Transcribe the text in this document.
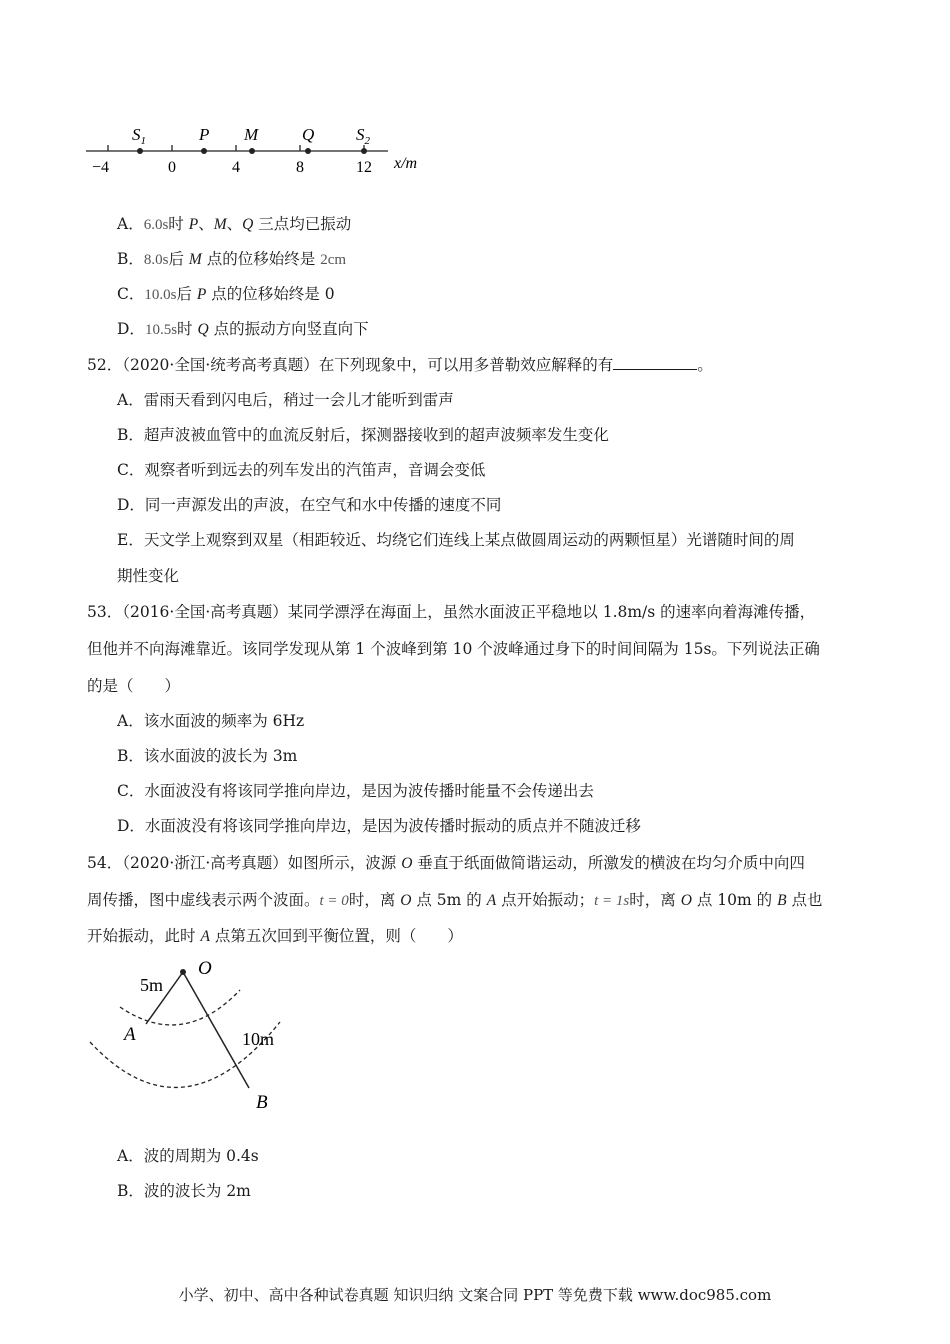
$S_1$	P M	Q $S_2$
−4	0	4	8	12 x/m
A．6.0s时 P、M、Q 三点均已振动
B．8.0s后 M 点的位移始终是 2cm
C．10.0s后 P 点的位移始终是 0
D．10.5s时 Q 点的振动方向竖直向下
52．（2020·全国·统考高考真题）在下列现象中，可以用多普勒效应解释的有	。
A．雷雨天看到闪电后，稍过一会儿才能听到雷声
B．超声波被血管中的血流反射后，探测器接收到的超声波频率发生变化
C．观察者听到远去的列车发出的汽笛声，音调会变低
D．同一声源发出的声波，在空气和水中传播的速度不同
E．天文学上观察到双星（相距较近、均绕它们连线上某点做圆周运动的两颗恒星）光谱随时间的周
期性变化
53．（2016·全国·高考真题）某同学漂浮在海面上，虽然水面波正平稳地以 1.8m/s 的速率向着海滩传播，
但他并不向海滩靠近。该同学发现从第 1 个波峰到第 10 个波峰通过身下的时间间隔为 15s。下列说法正确
的是（　　）
A．该水面波的频率为 6Hz
B．该水面波的波长为 3m
C．水面波没有将该同学推向岸边，是因为波传播时能量不会传递出去
D．水面波没有将该同学推向岸边，是因为波传播时振动的质点并不随波迁移
54．（2020·浙江·高考真题）如图所示，波源 O 垂直于纸面做简谐运动，所激发的横波在均匀介质中向四
周传播，图中虚线表示两个波面。t = 0时，离 O 点 5m 的 A 点开始振动；t = 1s时，离 O 点 10m 的 B 点也
开始振动，此时 A 点第五次回到平衡位置，则（　　）
O
5m
A	10m
B
A．波的周期为 0.4s
B．波的波长为 2m
小学、初中、高中各种试卷真题 知识归纳 文案合同 PPT 等免费下载 www.doc985.com
